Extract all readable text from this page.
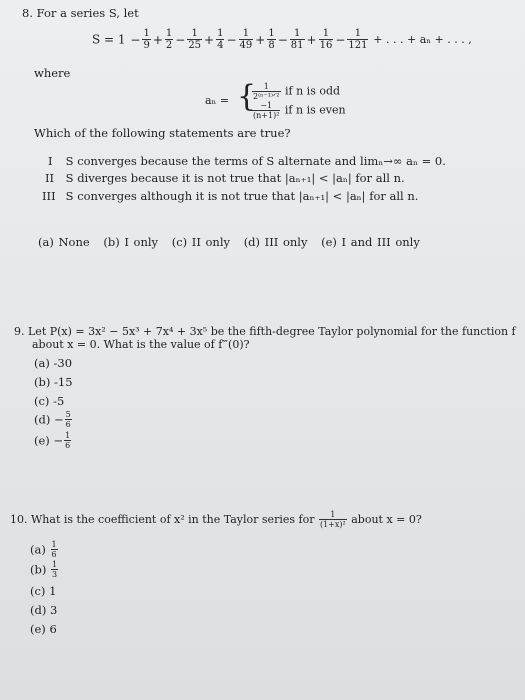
8. For a series S, let
$S = 1 - \frac{1}{9} + \frac{1}{2} - \frac{1}{25} + \frac{1}{4} - \frac{1}{49} + \frac{1}{8} - \frac{1}{81} + \frac{1}{16} - \frac{1}{121}$ + . . . + aₙ + . . . ,
where
aₙ = {
$\frac{1}{\text{2⁽ⁿ⁻¹⁾ᐟ²}}$ if n is odd
$\frac{-1}{\text{(n+1)²}}$ if n is even
Which of the following statements are true?
I S converges because the terms of S alternate and limₙ→∞ aₙ = 0.
II S diverges because it is not true that |aₙ₊₁| < |aₙ| for all n.
III S converges although it is not true that |aₙ₊₁| < |aₙ| for all n.
(a) None (b) I only (c) II only (d) III only (e) I and III only
9. Let P(x) = 3x² − 5x³ + 7x⁴ + 3x⁵ be the fifth-degree Taylor polynomial for the function f
about x = 0. What is the value of f‴(0)?
(a) -30
(b) -15
(c) -5
$(d) - \frac{5}{6}$
$(e) - \frac{1}{6}$
10. What is the coefficient of x² in the Taylor series for $\frac{1}{\text{(1+x)²}}$ about x = 0?
$(a) \frac{1}{6}$
$(b) \frac{1}{3}$
(c) 1
(d) 3
(e) 6
